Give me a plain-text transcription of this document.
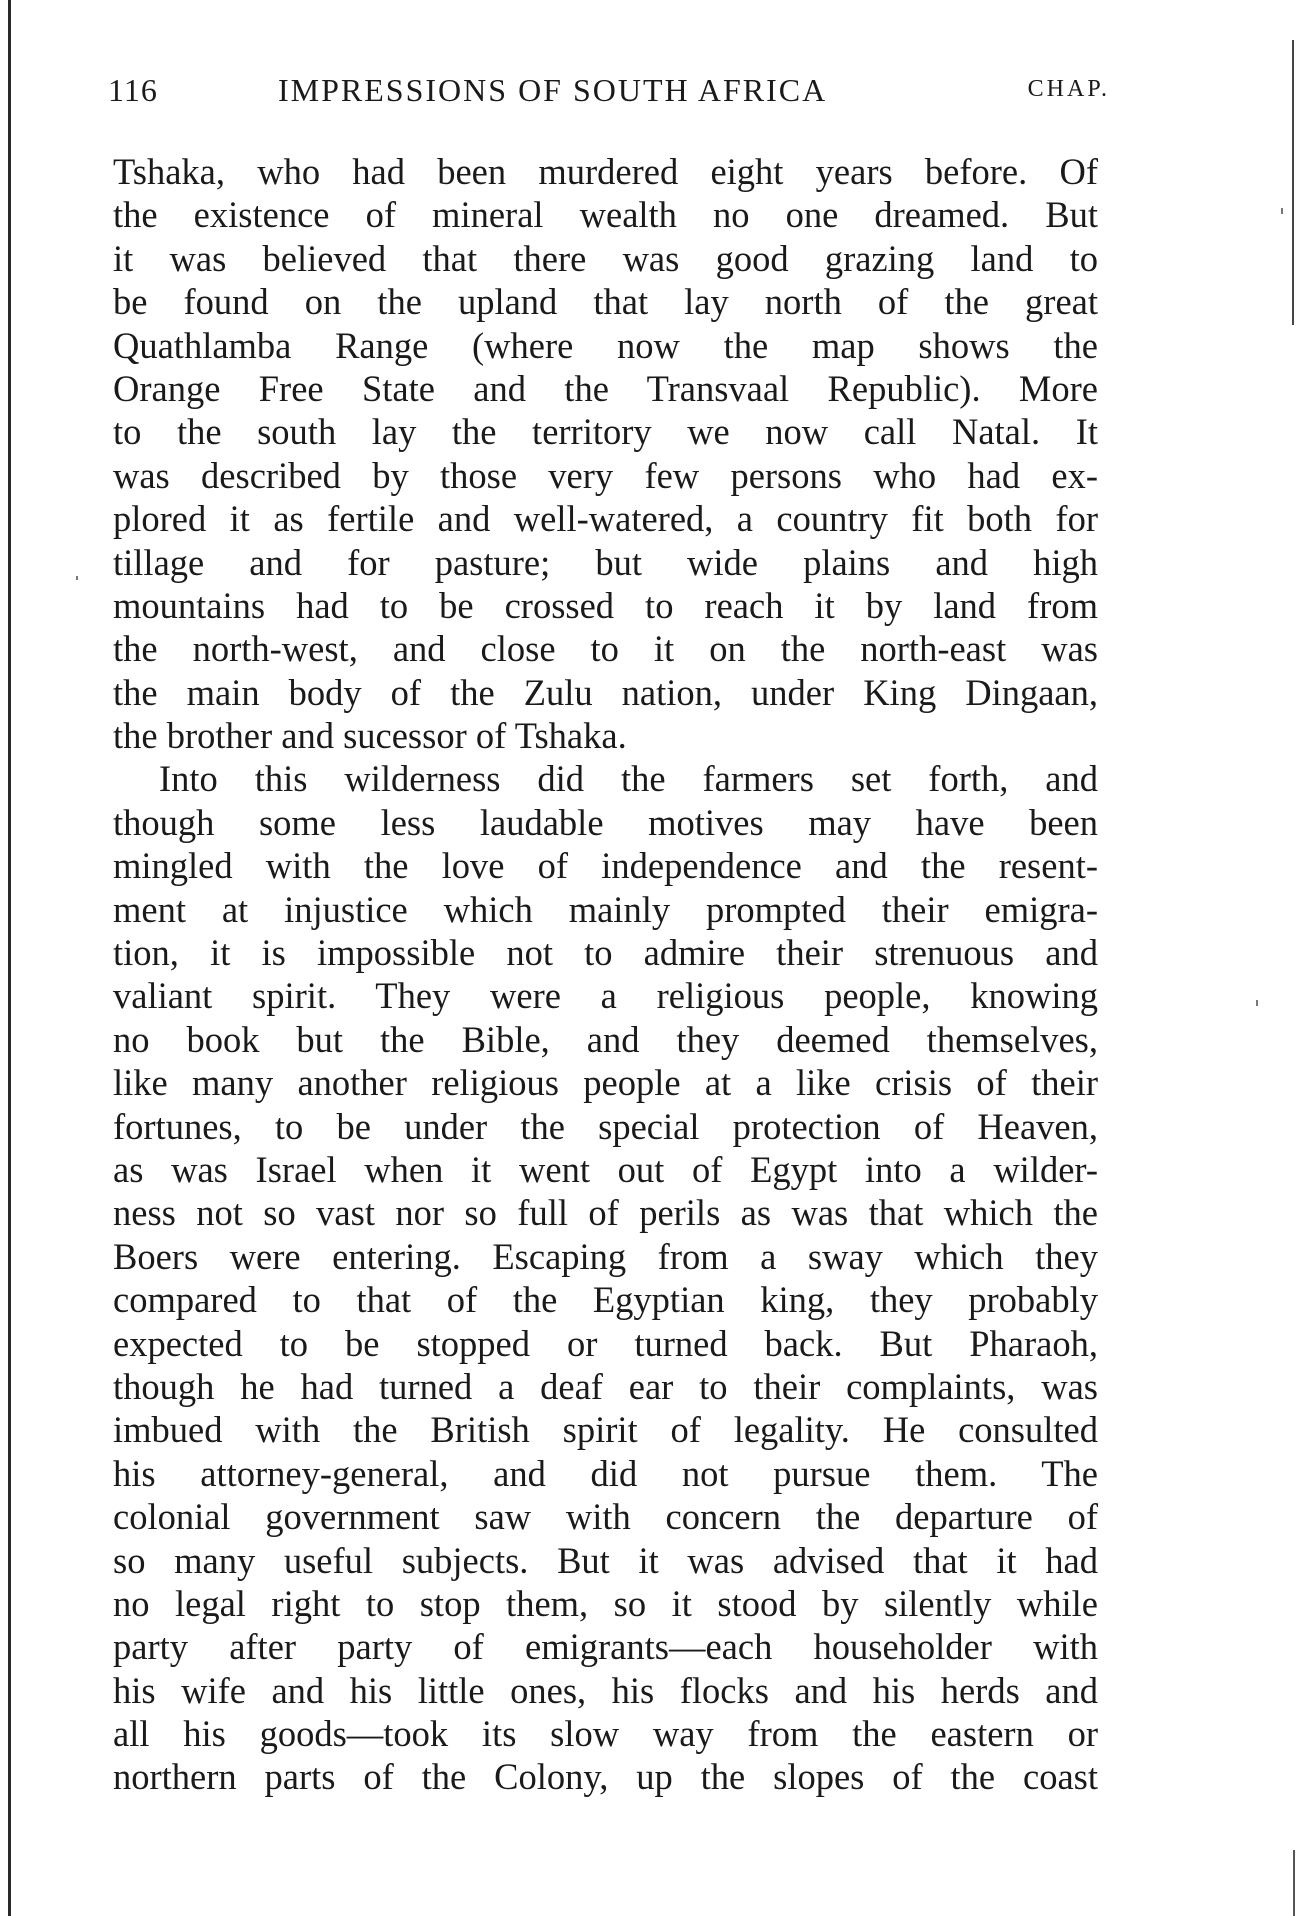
116	IMPRESSIONS OF SOUTH AFRICA	CHAP.
Tshaka, who had been murdered eight years before. Of
the existence of mineral wealth no one dreamed. But
it was believed that there was good grazing land to
be found on the upland that lay north of the great
Quathlamba Range (where now the map shows the
Orange Free State and the Transvaal Republic). More
to the south lay the territory we now call Natal. It
was described by those very few persons who had ex-
plored it as fertile and well-watered, a country fit both for
tillage and for pasture; but wide plains and high
mountains had to be crossed to reach it by land from
the north-west, and close to it on the north-east was
the main body of the Zulu nation, under King Dingaan,
the brother and sucessor of Tshaka.
Into this wilderness did the farmers set forth, and
though some less laudable motives may have been
mingled with the love of independence and the resent-
ment at injustice which mainly prompted their emigra-
tion, it is impossible not to admire their strenuous and
valiant spirit. They were a religious people, knowing
no book but the Bible, and they deemed themselves,
like many another religious people at a like crisis of their
fortunes, to be under the special protection of Heaven,
as was Israel when it went out of Egypt into a wilder-
ness not so vast nor so full of perils as was that which the
Boers were entering. Escaping from a sway which they
compared to that of the Egyptian king, they probably
expected to be stopped or turned back. But Pharaoh,
though he had turned a deaf ear to their complaints, was
imbued with the British spirit of legality. He consulted
his attorney-general, and did not pursue them. The
colonial government saw with concern the departure of
so many useful subjects. But it was advised that it had
no legal right to stop them, so it stood by silently while
party after party of emigrants—each householder with
his wife and his little ones, his flocks and his herds and
all his goods—took its slow way from the eastern or
northern parts of the Colony, up the slopes of the coast
